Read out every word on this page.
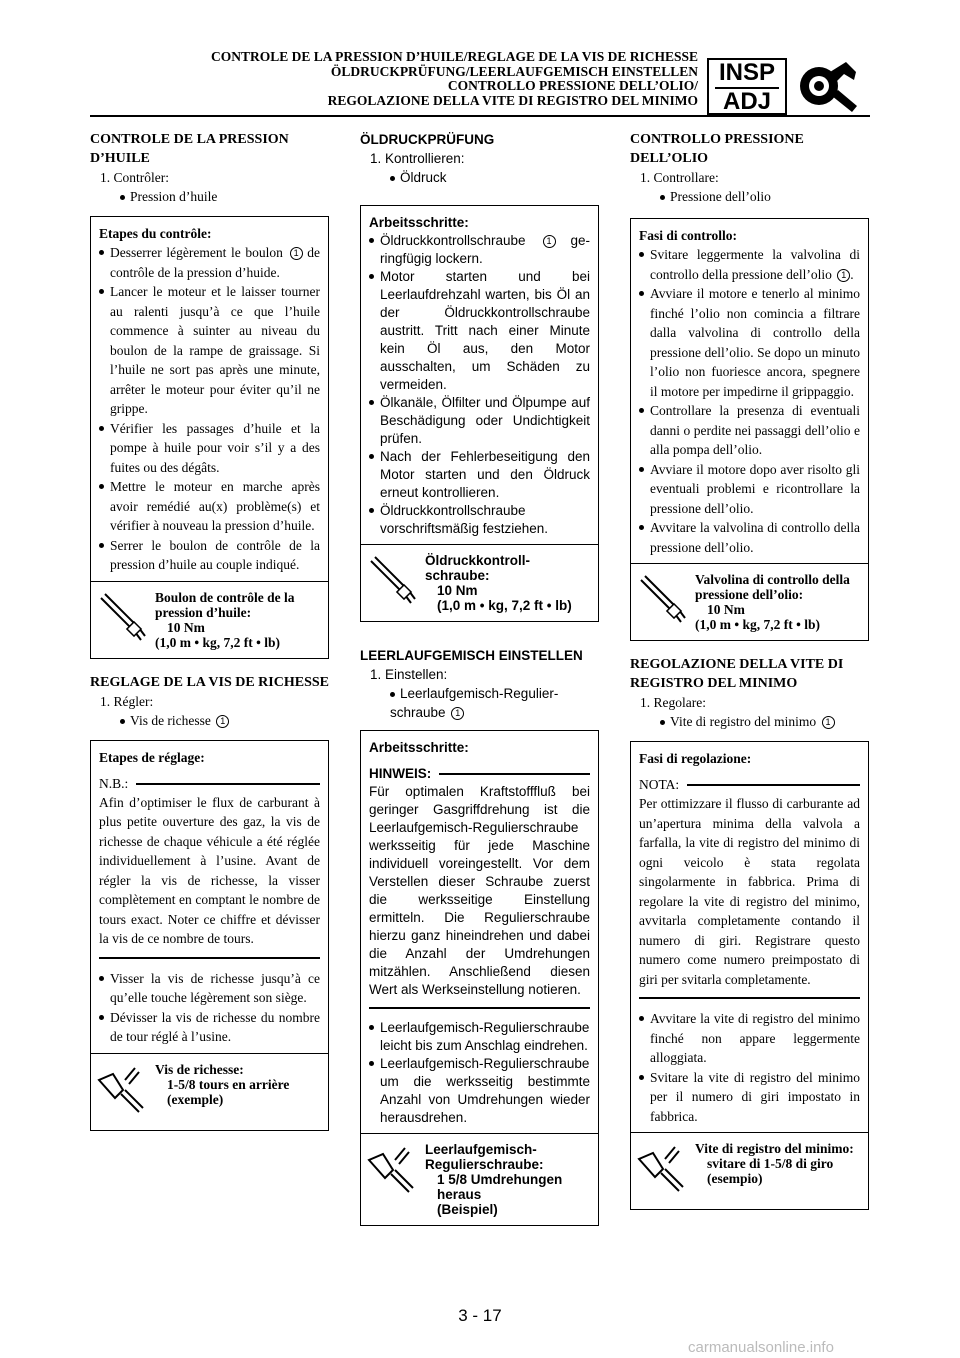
CONTROLE DE LA PRESSION D’HUILE/REGLAGE DE LA VIS DE RICHESSE
ÖLDRUCKPRÜFUNG/LEERLAUFGEMISCH EINSTELLEN
CONTROLLO PRESSIONE DELL’OLIO/
REGOLAZIONE DELLA VITE DI REGISTRO DEL MINIMO
INSP
ADJ
CONTROLE DE LA PRESSION D’HUILE
1. Contrôler:
Pression d’huile
Etapes du contrôle:
Desserrer légèrement le boulon 1 de contrôle de la pression d’huide.
Lancer le moteur et le laisser tourner au ralenti jusqu’à ce que l’huile commence à suinter au niveau du boulon de la rampe de graissage. Si l’huile ne sort pas après une minute, arrêter le moteur pour éviter qu’il ne grippe.
Vérifier les passages d’huile et la pompe à huile pour voir s’il y a des fuites ou des dégâts.
Mettre le moteur en marche après avoir remédié au(x) problème(s) et vérifier à nouveau la pression d’huile.
Serrer le boulon de contrôle de la pression d’huile au couple indiqué.
Boulon de contrôle de la pression d’huile:
10 Nm
(1,0 m • kg, 7,2 ft • lb)
REGLAGE DE LA VIS DE RICHESSE
1. Régler:
Vis de richesse 1
Etapes de réglage:
N.B.:
Afin d’optimiser le flux de carburant à plus petite ouverture des gaz, la vis de richesse de chaque véhicule a été réglée individuellement à l’usine. Avant de régler la vis de richesse, la visser complètement en comptant le nombre de tours exact. Noter ce chiffre et dévisser la vis de ce nombre de tours.
Visser la vis de richesse jusqu’à ce qu’elle touche légèrement son siège.
Dévisser la vis de richesse du nombre de tour réglé à l’usine.
Vis de richesse:
1-5/8 tours en arrière
(exemple)
ÖLDRUCKPRÜFUNG
1. Kontrollieren:
Öldruck
Arbeitsschritte:
Öldruckkontrollschraube 1 ge-ringfügig lockern.
Motor starten und bei Leerlaufdrehzahl warten, bis Öl an der Öldruckkontrollschraube austritt. Tritt nach einer Minute kein Öl aus, den Motor ausschalten, um Schäden zu vermeiden.
Ölkanäle, Ölfilter und Ölpumpe auf Beschädigung oder Undichtigkeit prüfen.
Nach der Fehlerbeseitigung den Motor starten und den Öldruck erneut kontrollieren.
Öldruckkontrollschraube vorschriftsmäßig festziehen.
Öldruckkontroll-schraube:
10 Nm
(1,0 m • kg, 7,2 ft • lb)
LEERLAUFGEMISCH EINSTELLEN
1. Einstellen:
Leerlaufgemisch-Regulier-schraube 1
Arbeitsschritte:
HINWEIS:
Für optimalen Kraftstofffluß bei geringer Gasgriffdrehung ist die Leerlaufgemisch-Regulierschraube werksseitig für jede Maschine individuell voreingestellt. Vor dem Verstellen dieser Schraube zuerst die werksseitige Einstellung ermitteln. Die Regulierschraube hierzu ganz hineindrehen und dabei die Anzahl der Umdrehungen mitzählen. Anschließend diesen Wert als Werkseinstellung notieren.
Leerlaufgemisch-Regulierschraube leicht bis zum Anschlag eindrehen.
Leerlaufgemisch-Regulierschraube um die werksseitig bestimmte Anzahl von Umdrehungen wieder herausdrehen.
Leerlaufgemisch-Regulierschraube:
1 5/8 Umdrehungen heraus
(Beispiel)
CONTROLLO PRESSIONE DELL’OLIO
1. Controllare:
Pressione dell’olio
Fasi di controllo:
Svitare leggermente la valvolina di controllo della pressione dell’olio 1 .
Avviare il motore e tenerlo al minimo finché l’olio non comincia a filtrare dalla valvolina di controllo della pressione dell’olio. Se dopo un minuto l’olio non fuoriesce ancora, spegnere il motore per impedirne il grippaggio.
Controllare la presenza di eventuali danni o perdite nei passaggi dell’olio e alla pompa dell’olio.
Avviare il motore dopo aver risolto gli eventuali problemi e ricontrollare la pressione dell’olio.
Avvitare la valvolina di controllo della pressione dell’olio.
Valvolina di controllo della pressione dell’olio:
10 Nm
(1,0 m • kg, 7,2 ft • lb)
REGOLAZIONE DELLA VITE DI REGISTRO DEL MINIMO
1. Regolare:
Vite di registro del minimo 1
Fasi di regolazione:
NOTA:
Per ottimizzare il flusso di carburante ad un’apertura minima della valvola a farfalla, la vite di registro del minimo di ogni veicolo è stata regolata singolarmente in fabbrica. Prima di regolare la vite di registro del minimo, avvitarla completamente contando il numero di giri. Registrare questo numero come numero preimpostato di giri per svitarla completamente.
Avvitare la vite di registro del minimo finché non appare leggermente alloggiata.
Svitare la vite di registro del minimo per il numero di giri impostato in fabbrica.
Vite di registro del minimo:
svitare di 1-5/8 di giro
(esempio)
3 - 17
carmanualsonline.info
